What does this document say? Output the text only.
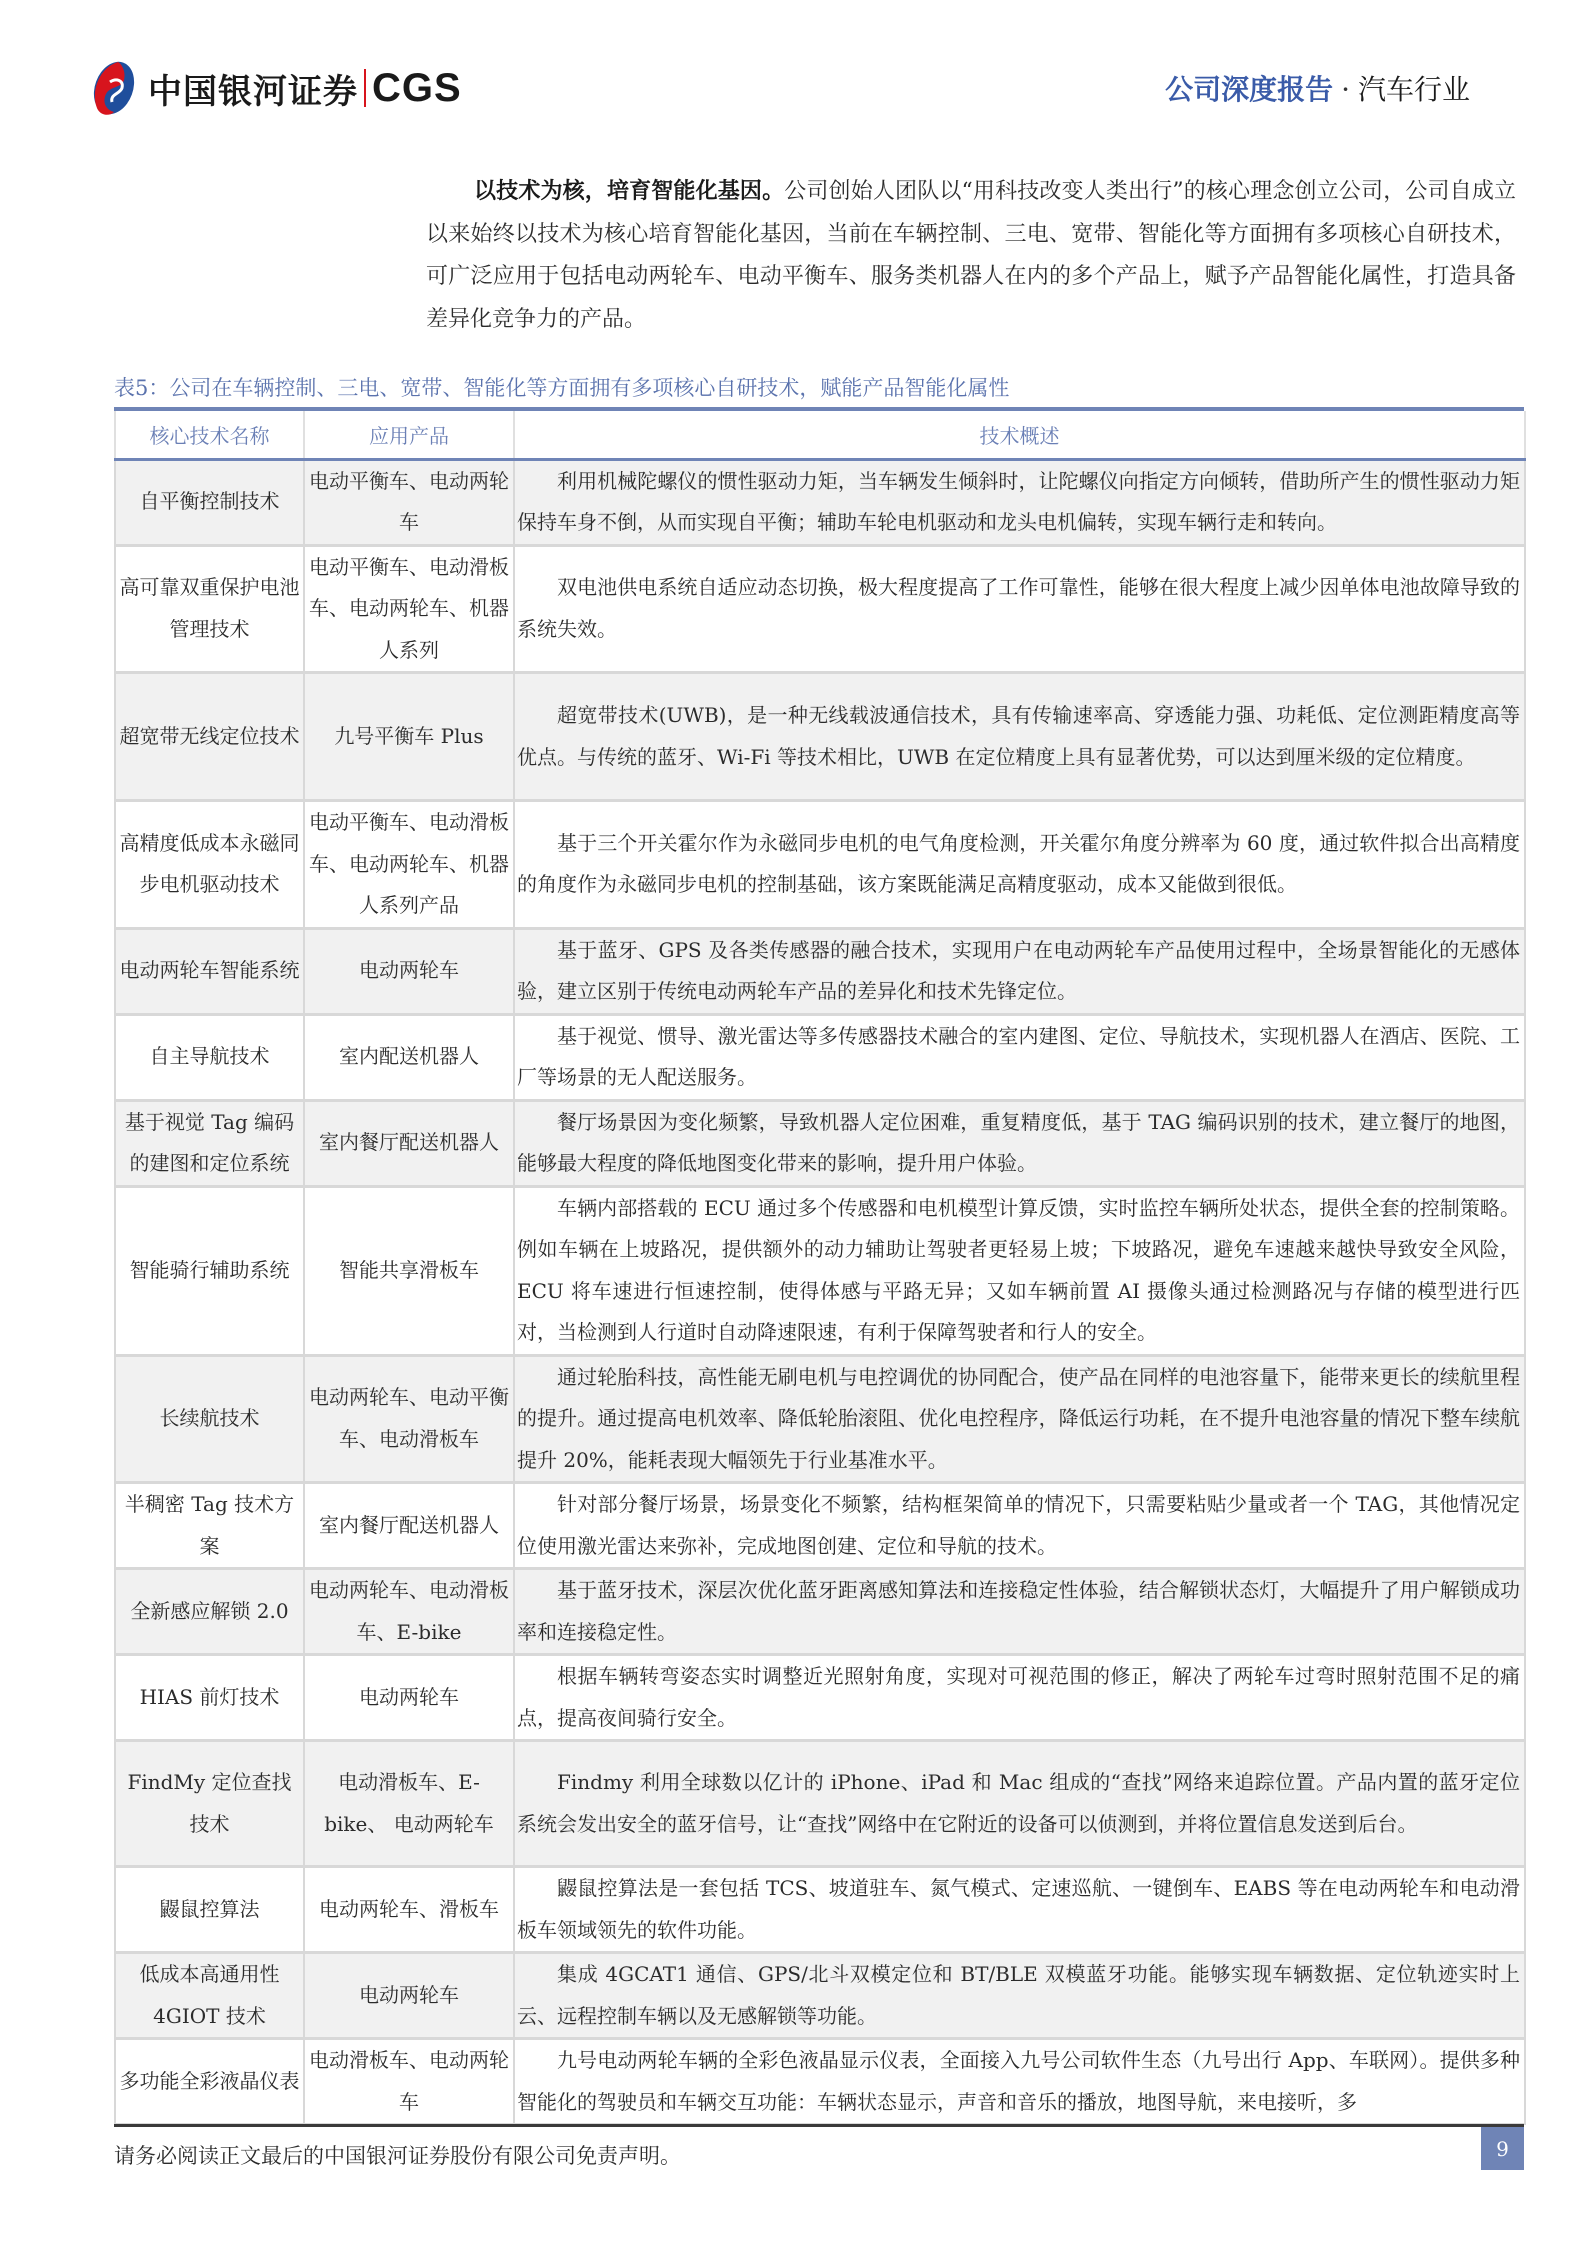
中国银河证券 CGS	公司深度报告 · 汽车行业

以技术为核，培育智能化基因。公司创始人团队以“用科技改变人类出行”的核心理念创立公司，公司自成立以来始终以技术为核心培育智能化基因，当前在车辆控制、三电、宽带、智能化等方面拥有多项核心自研技术，可广泛应用于包括电动两轮车、电动平衡车、服务类机器人在内的多个产品上，赋予产品智能化属性，打造具备差异化竞争力的产品。

表5：公司在车辆控制、三电、宽带、智能化等方面拥有多项核心自研技术，赋能产品智能化属性
核心技术名称	应用产品	技术概述
自平衡控制技术	电动平衡车、电动两轮车	利用机械陀螺仪的惯性驱动力矩，当车辆发生倾斜时，让陀螺仪向指定方向倾转，借助所产生的惯性驱动力矩保持车身不倒，从而实现自平衡；辅助车轮电机驱动和龙头电机偏转，实现车辆行走和转向。
高可靠双重保护电池管理技术	电动平衡车、电动滑板车、电动两轮车、机器人系列	双电池供电系统自适应动态切换，极大程度提高了工作可靠性，能够在很大程度上减少因单体电池故障导致的系统失效。
超宽带无线定位技术	九号平衡车 Plus	超宽带技术(UWB)，是一种无线载波通信技术，具有传输速率高、穿透能力强、功耗低、定位测距精度高等优点。与传统的蓝牙、Wi-Fi 等技术相比，UWB 在定位精度上具有显著优势，可以达到厘米级的定位精度。
高精度低成本永磁同步电机驱动技术	电动平衡车、电动滑板车、电动两轮车、机器人系列产品	基于三个开关霍尔作为永磁同步电机的电气角度检测，开关霍尔角度分辨率为 60 度，通过软件拟合出高精度的角度作为永磁同步电机的控制基础，该方案既能满足高精度驱动，成本又能做到很低。
电动两轮车智能系统	电动两轮车	基于蓝牙、GPS 及各类传感器的融合技术，实现用户在电动两轮车产品使用过程中，全场景智能化的无感体验，建立区别于传统电动两轮车产品的差异化和技术先锋定位。
自主导航技术	室内配送机器人	基于视觉、惯导、激光雷达等多传感器技术融合的室内建图、定位、导航技术，实现机器人在酒店、医院、工厂等场景的无人配送服务。
基于视觉 Tag 编码的建图和定位系统	室内餐厅配送机器人	餐厅场景因为变化频繁，导致机器人定位困难，重复精度低，基于 TAG 编码识别的技术，建立餐厅的地图，能够最大程度的降低地图变化带来的影响，提升用户体验。
智能骑行辅助系统	智能共享滑板车	车辆内部搭载的 ECU 通过多个传感器和电机模型计算反馈，实时监控车辆所处状态，提供全套的控制策略。例如车辆在上坡路况，提供额外的动力辅助让驾驶者更轻易上坡；下坡路况，避免车速越来越快导致安全风险，ECU 将车速进行恒速控制，使得体感与平路无异；又如车辆前置 AI 摄像头通过检测路况与存储的模型进行匹对，当检测到人行道时自动降速限速，有利于保障驾驶者和行人的安全。
长续航技术	电动两轮车、电动平衡车、电动滑板车	通过轮胎科技，高性能无刷电机与电控调优的协同配合，使产品在同样的电池容量下，能带来更长的续航里程的提升。通过提高电机效率、降低轮胎滚阻、优化电控程序，降低运行功耗，在不提升电池容量的情况下整车续航提升 20%，能耗表现大幅领先于行业基准水平。
半稠密 Tag 技术方案	室内餐厅配送机器人	针对部分餐厅场景，场景变化不频繁，结构框架简单的情况下，只需要粘贴少量或者一个 TAG，其他情况定位使用激光雷达来弥补，完成地图创建、定位和导航的技术。
全新感应解锁 2.0	电动两轮车、电动滑板车、E-bike	基于蓝牙技术，深层次优化蓝牙距离感知算法和连接稳定性体验，结合解锁状态灯，大幅提升了用户解锁成功率和连接稳定性。
HIAS 前灯技术	电动两轮车	根据车辆转弯姿态实时调整近光照射角度，实现对可视范围的修正，解决了两轮车过弯时照射范围不足的痛点，提高夜间骑行安全。
FindMy 定位查找技术	电动滑板车、E-bike、 电动两轮车	Findmy 利用全球数以亿计的 iPhone、iPad 和 Mac 组成的“查找”网络来追踪位置。产品内置的蓝牙定位系统会发出安全的蓝牙信号，让“查找”网络中在它附近的设备可以侦测到，并将位置信息发送到后台。
鼹鼠控算法	电动两轮车、滑板车	鼹鼠控算法是一套包括 TCS、坡道驻车、氮气模式、定速巡航、一键倒车、EABS 等在电动两轮车和电动滑板车领域领先的软件功能。
低成本高通用性 4GIOT 技术	电动两轮车	集成 4GCAT1 通信、GPS/北斗双模定位和 BT/BLE 双模蓝牙功能。能够实现车辆数据、定位轨迹实时上云、远程控制车辆以及无感解锁等功能。
多功能全彩液晶仪表	电动滑板车、电动两轮车	九号电动两轮车辆的全彩色液晶显示仪表，全面接入九号公司软件生态（九号出行 App、车联网）。提供多种智能化的驾驶员和车辆交互功能：车辆状态显示，声音和音乐的播放，地图导航，来电接听，多
请务必阅读正文最后的中国银河证券股份有限公司免责声明。	9
